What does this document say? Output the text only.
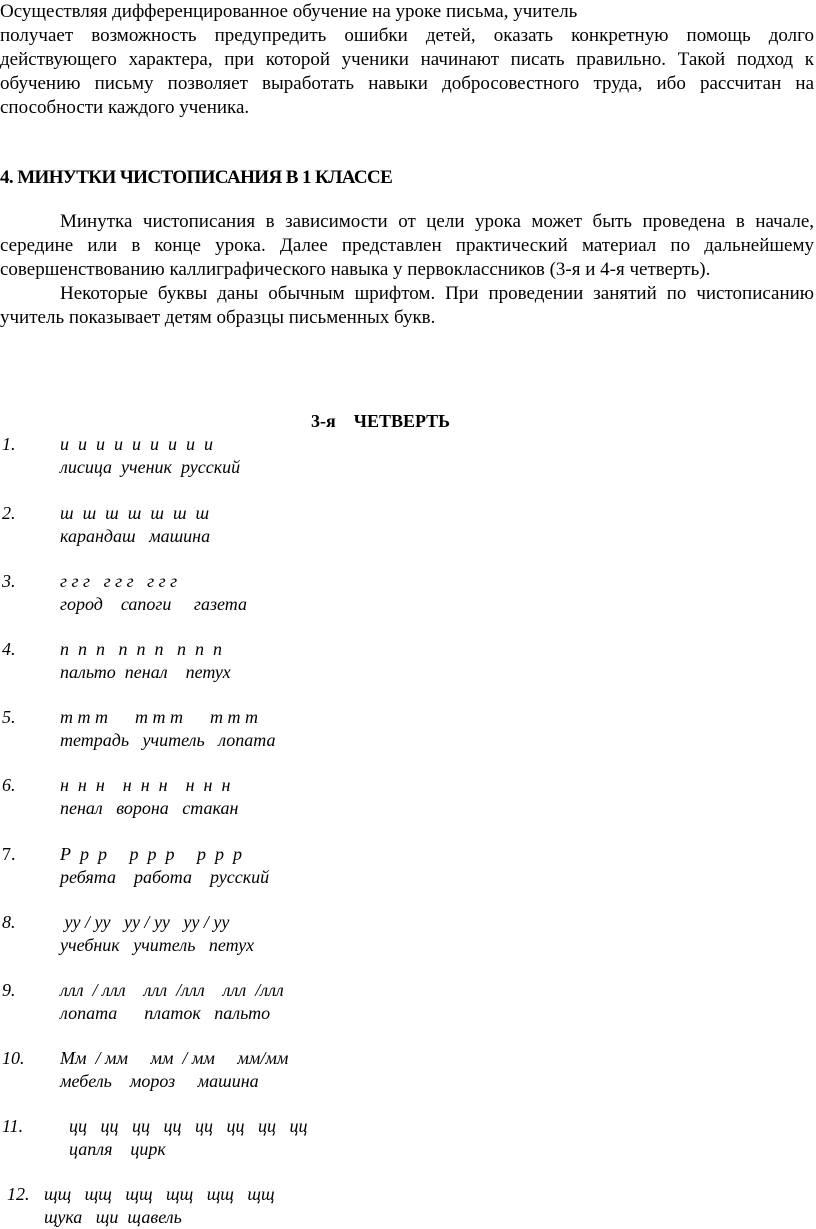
Осуществляя дифференцированное обучение на уроке письма, учитель
получает возможность предупредить ошибки детей, оказать конкретную помощь долго
действующего характера, при которой ученики начинают писать правильно. Такой подход к
обучению письму позволяет выработать навыки добросовестного труда, ибо рассчитан на
способности каждого ученика.
4. МИНУТКИ ЧИСТОПИСАНИЯ В 1 КЛАССЕ
Минутка чистописания в зависимости от цели урока может быть проведена в начале,
середине или в конце урока. Далее представлен практический материал по дальнейшему
совершенствованию каллиграфического навыка у первоклассников (3-я и 4-я четверть).
Некоторые буквы даны обычным шрифтом. При проведении занятий по чистописанию
учитель показывает детям образцы письменных букв.
3-я    ЧЕТВЕРТЬ
1. и  и  и  и  и  и  и  и  и
лисица  ученик  русский
2. ш  ш  ш  ш  ш  ш  ш
карандаш   машина
3. г г г   г г г   г г г
город    сапоги     газета
4. п  п  п   п  п  п   п  п  п
пальто  пенал    петух
5. т т т      т т т      т т т
тетрадь   учитель   лопата
6. н  н  н    н  н  н    н  н  н
пенал   ворона   стакан
7. Р  р  р     р  р  р     р  р  р
ребята    работа    русский
8. уу / уу   уу / уу   уу / уу
учебник   учитель   петух
9. ллл  / ллл    ллл  /ллл    ллл  /ллл
лопата      платок   пальто
10. Мм  / мм     мм  / мм     мм/мм
мебель    мороз     машина
11. цц   цц   цц   цц   цц   цц   цц   цц
цапля    цирк
12. щщ   щщ   щщ   щщ   щщ   щщ
щука   щи  щавель
